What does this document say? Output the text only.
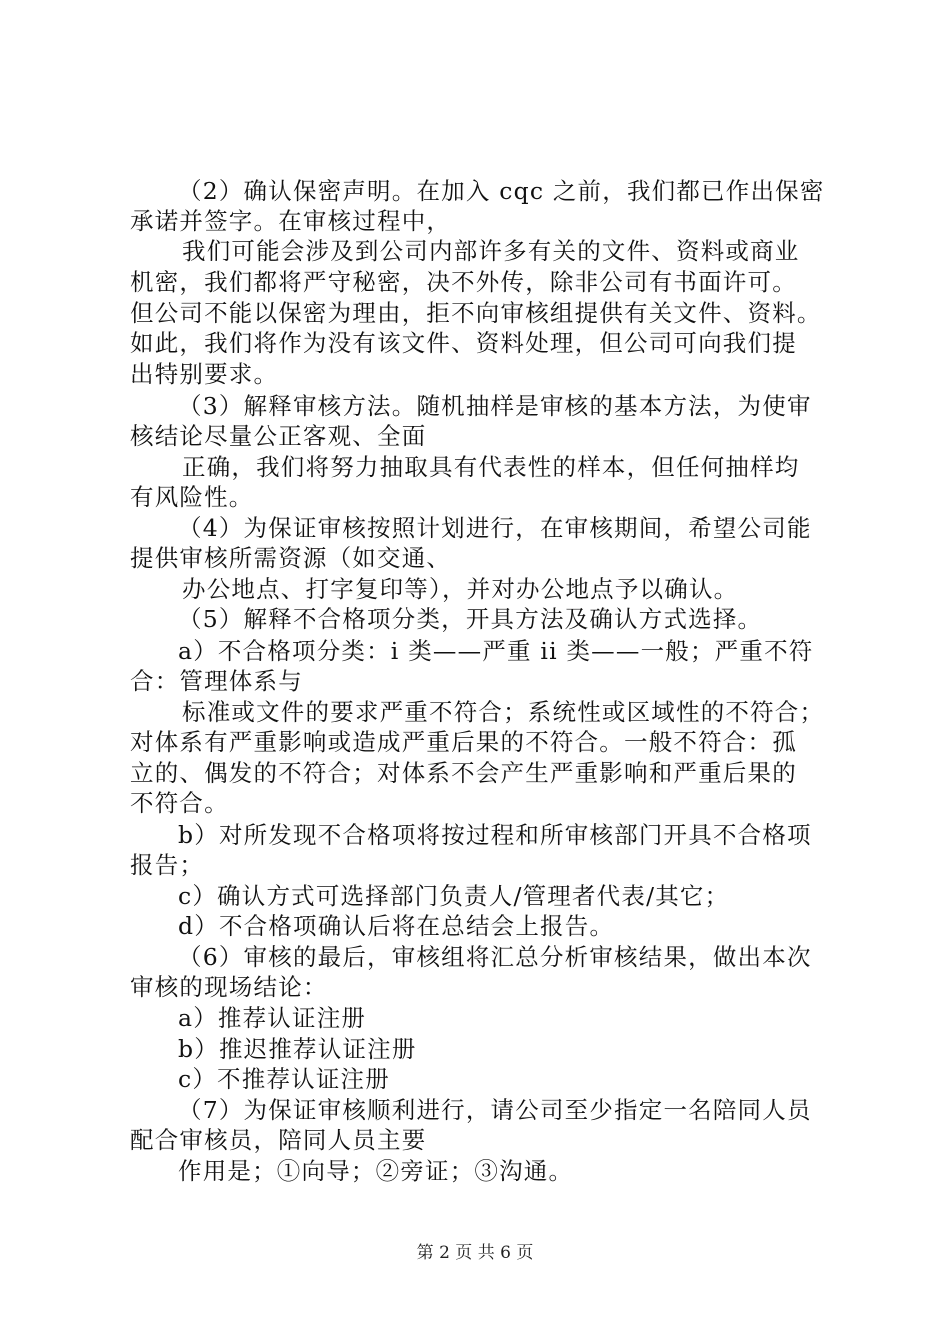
（2）确认保密声明。在加入 cqc 之前，我们都已作出保密
承诺并签字。在审核过程中，
我们可能会涉及到公司内部许多有关的文件、资料或商业
机密，我们都将严守秘密，决不外传，除非公司有书面许可。
但公司不能以保密为理由，拒不向审核组提供有关文件、资料。
如此，我们将作为没有该文件、资料处理，但公司可向我们提
出特别要求。
（3）解释审核方法。随机抽样是审核的基本方法，为使审
核结论尽量公正客观、全面
正确，我们将努力抽取具有代表性的样本，但任何抽样均
有风险性。
（4）为保证审核按照计划进行，在审核期间，希望公司能
提供审核所需资源（如交通、
办公地点、打字复印等），并对办公地点予以确认。
（5）解释不合格项分类，开具方法及确认方式选择。
a）不合格项分类：i 类——严重 ii 类——一般；严重不符
合：管理体系与
标准或文件的要求严重不符合；系统性或区域性的不符合；
对体系有严重影响或造成严重后果的不符合。一般不符合：孤
立的、偶发的不符合；对体系不会产生严重影响和严重后果的
不符合。
b）对所发现不合格项将按过程和所审核部门开具不合格项
报告；
c）确认方式可选择部门负责人/管理者代表/其它；
d）不合格项确认后将在总结会上报告。
（6）审核的最后，审核组将汇总分析审核结果，做出本次
审核的现场结论：
a）推荐认证注册
b）推迟推荐认证注册
c）不推荐认证注册
（7）为保证审核顺利进行，请公司至少指定一名陪同人员
配合审核员，陪同人员主要
作用是；①向导；②旁证；③沟通。
第 2 页 共 6 页
